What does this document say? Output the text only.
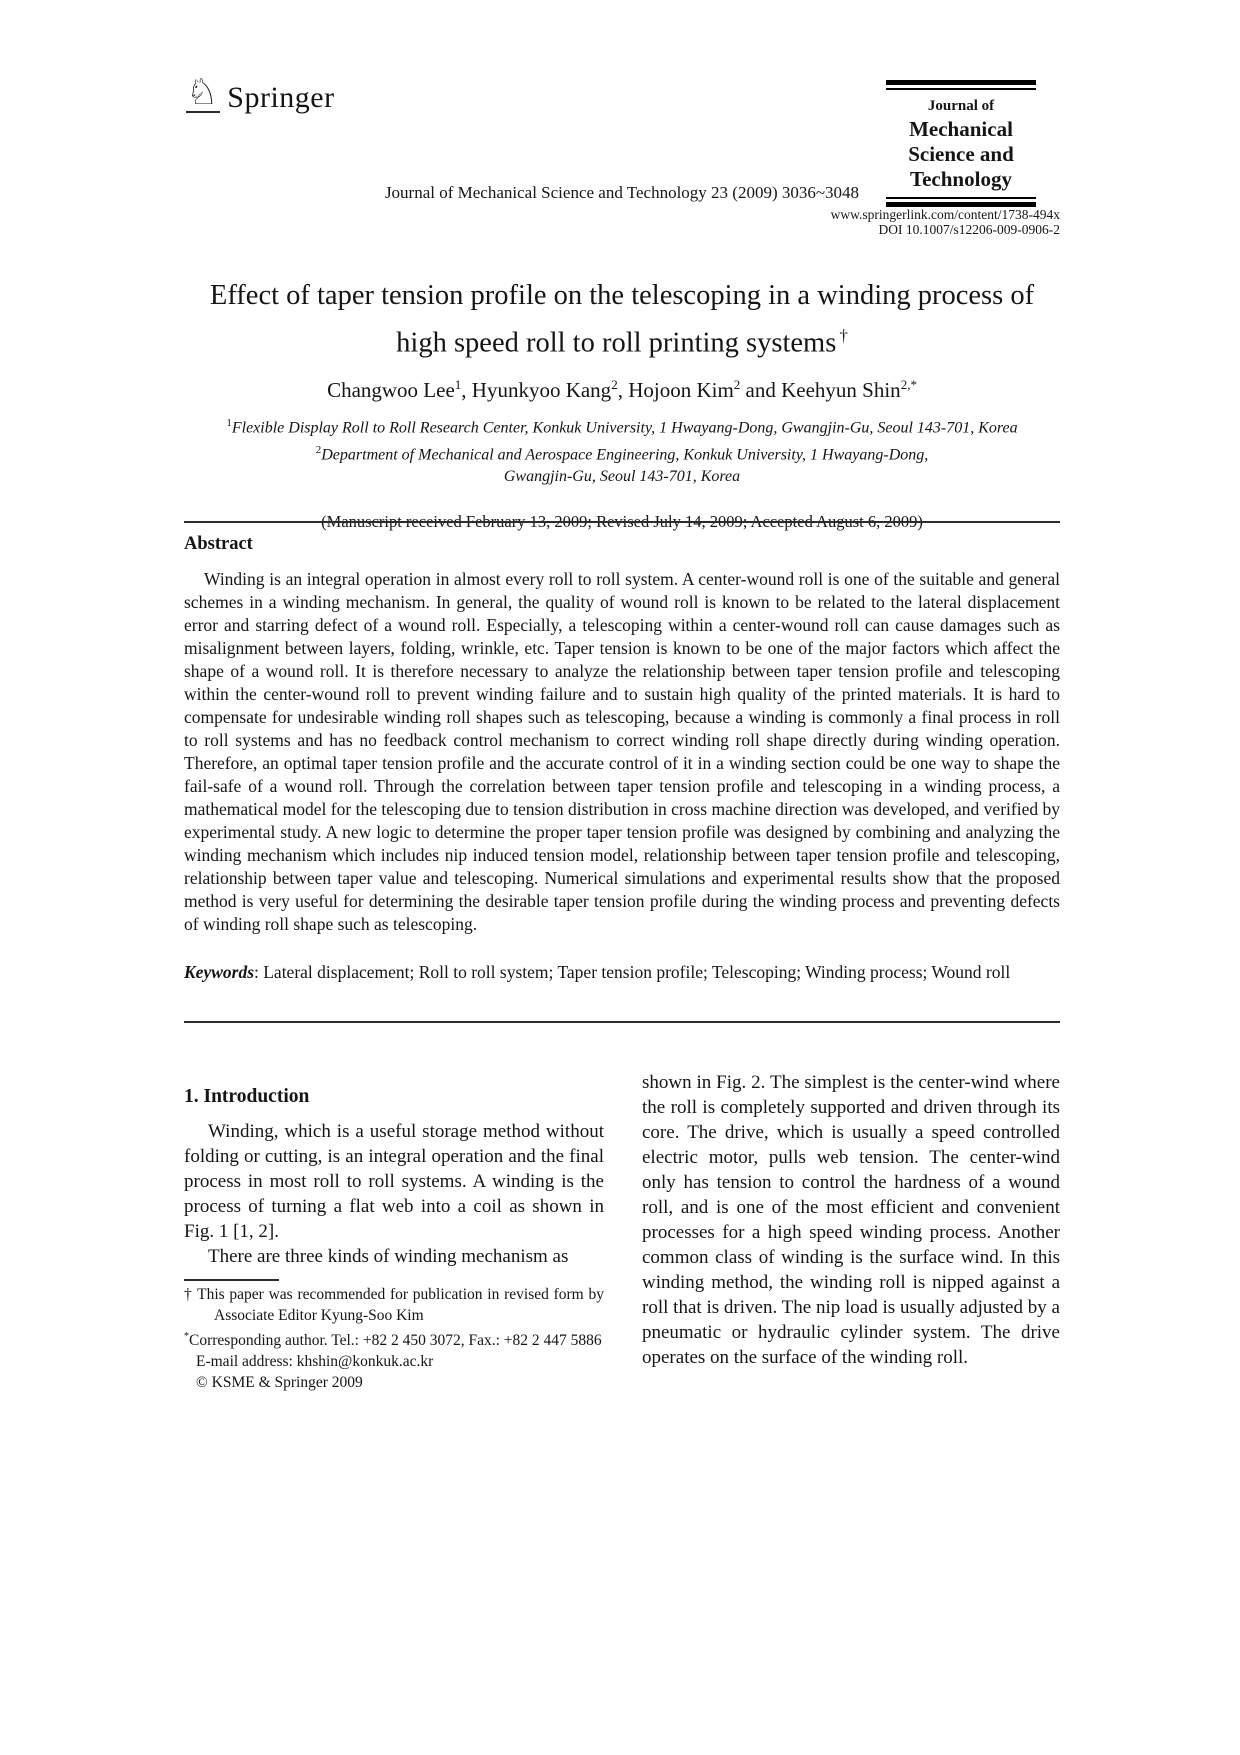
♘ Springer	Journal of
Mechanical
Science and
Technology
Journal of Mechanical Science and Technology 23 (2009) 3036~3048
www.springerlink.com/content/1738-494x
DOI 10.1007/s12206-009-0906-2
Effect of taper tension profile on the telescoping in a winding process of
high speed roll to roll printing systems †
Changwoo Lee$^1$, Hyunkyoo Kang$^2$, Hojoon Kim$^2$ and Keehyun Shin$^{2,*}$
$^1$Flexible Display Roll to Roll Research Center, Konkuk University, 1 Hwayang-Dong, Gwangjin-Gu, Seoul 143-701, Korea
$^2$Department of Mechanical and Aerospace Engineering, Konkuk University, 1 Hwayang-Dong,
Gwangjin-Gu, Seoul 143-701, Korea
(Manuscript received February 13, 2009; Revised July 14, 2009; Accepted August 6, 2009)
Abstract

Winding is an integral operation in almost every roll to roll system. A center-wound roll is one of the suitable and general schemes in a winding mechanism. In general, the quality of wound roll is known to be related to the lateral displacement error and starring defect of a wound roll. Especially, a telescoping within a center-wound roll can cause damages such as misalignment between layers, folding, wrinkle, etc. Taper tension is known to be one of the major factors which affect the shape of a wound roll. It is therefore necessary to analyze the relationship between taper tension profile and telescoping within the center-wound roll to prevent winding failure and to sustain high quality of the printed materials. It is hard to compensate for undesirable winding roll shapes such as telescoping, because a winding is commonly a final process in roll to roll systems and has no feedback control mechanism to correct winding roll shape directly during winding operation. Therefore, an optimal taper tension profile and the accurate control of it in a winding section could be one way to shape the fail-safe of a wound roll. Through the correlation between taper tension profile and telescoping in a winding process, a mathematical model for the telescoping due to tension distribution in cross machine direction was developed, and verified by experimental study. A new logic to determine the proper taper tension profile was designed by combining and analyzing the winding mechanism which includes nip induced tension model, relationship between taper tension profile and telescoping, relationship between taper value and telescoping. Numerical simulations and experimental results show that the proposed method is very useful for determining the desirable taper tension profile during the winding process and preventing defects of winding roll shape such as telescoping.

Keywords: Lateral displacement; Roll to roll system; Taper tension profile; Telescoping; Winding process; Wound roll

1. Introduction

Winding, which is a useful storage method without folding or cutting, is an integral operation and the final process in most roll to roll systems. A winding is the process of turning a flat web into a coil as shown in Fig. 1 [1, 2].

There are three kinds of winding mechanism as

† This paper was recommended for publication in revised form by Associate Editor Kyung-Soo Kim
*Corresponding author. Tel.: +82 2 450 3072, Fax.: +82 2 447 5886
E-mail address: khshin@konkuk.ac.kr
© KSME & Springer 2009

shown in Fig. 2. The simplest is the center-wind where the roll is completely supported and driven through its core. The drive, which is usually a speed controlled electric motor, pulls web tension. The center-wind only has tension to control the hardness of a wound roll, and is one of the most efficient and convenient processes for a high speed winding process. Another common class of winding is the surface wind. In this winding method, the winding roll is nipped against a roll that is driven. The nip load is usually adjusted by a pneumatic or hydraulic cylinder system. The drive operates on the surface of the winding roll.
